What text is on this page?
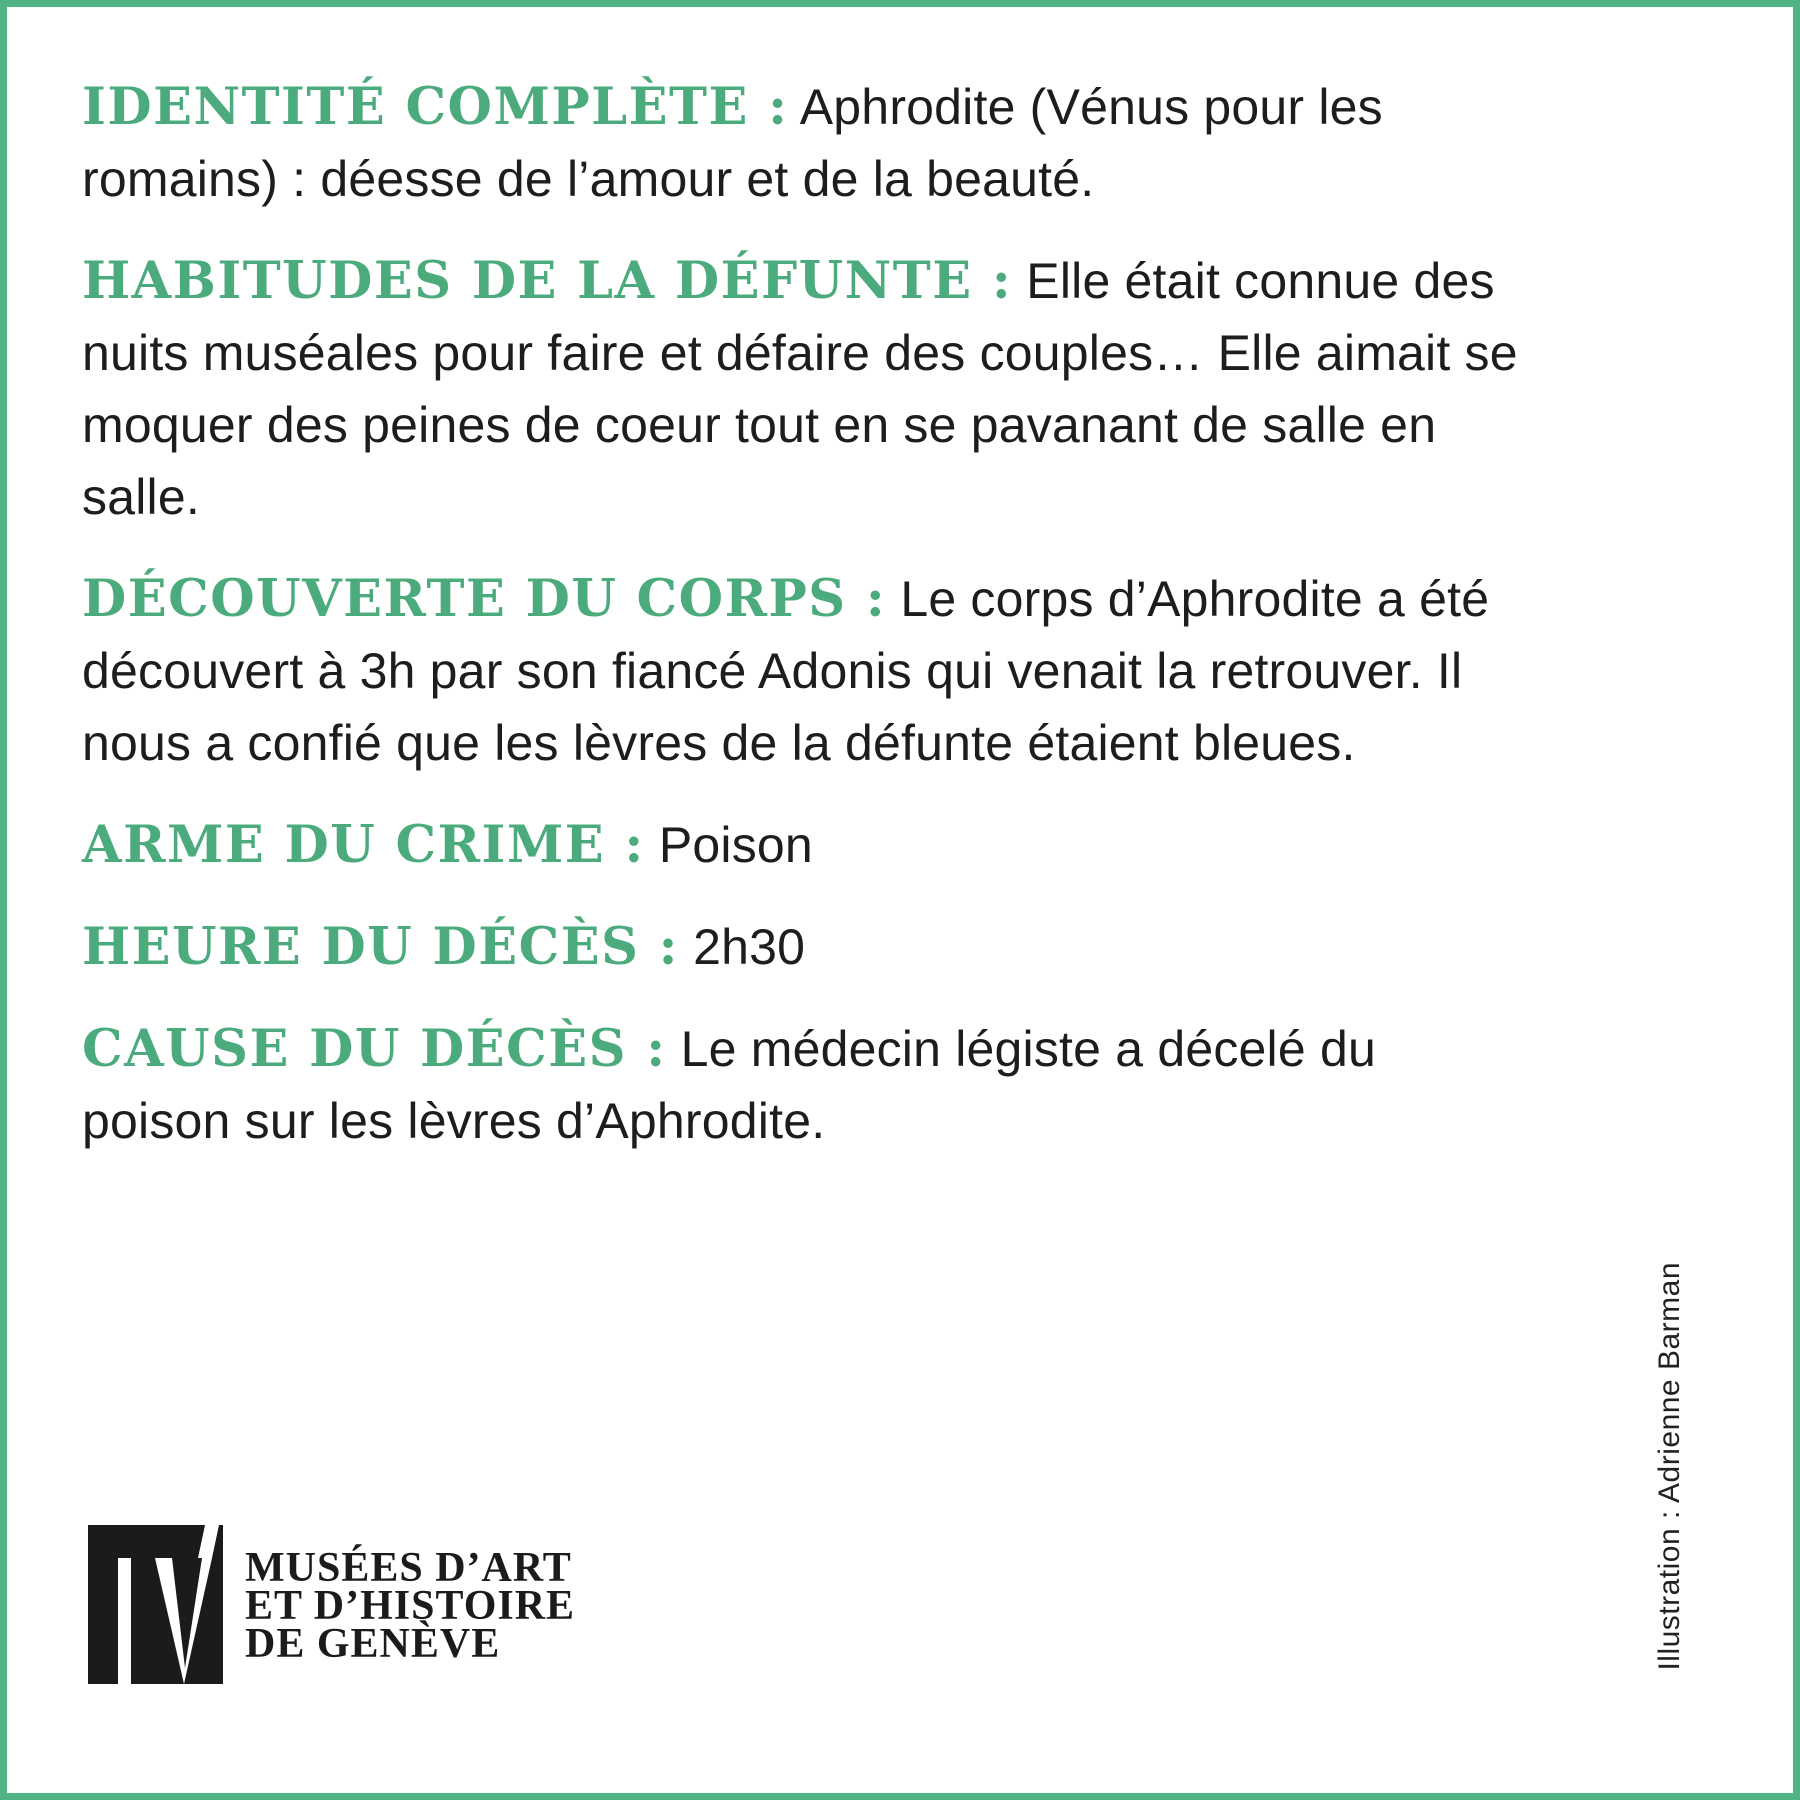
IDENTITÉ COMPLÈTE : Aphrodite (Vénus pour les romains) : déesse de l’amour et de la beauté.

HABITUDES DE LA DÉFUNTE : Elle était connue des nuits muséales pour faire et défaire des couples… Elle aimait se moquer des peines de coeur tout en se pavanant de salle en salle.

DÉCOUVERTE DU CORPS : Le corps d’Aphrodite a été découvert à 3h par son fiancé Adonis qui venait la retrouver. Il nous a confié que les lèvres de la défunte étaient bleues.

ARME DU CRIME : Poison

HEURE DU DÉCÈS : 2h30

CAUSE DU DÉCÈS : Le médecin légiste a décelé du poison sur les lèvres d’Aphrodite.

MUSÉES D’ART
ET D’HISTOIRE
DE GENÈVE	Illustration : Adrienne Barman
